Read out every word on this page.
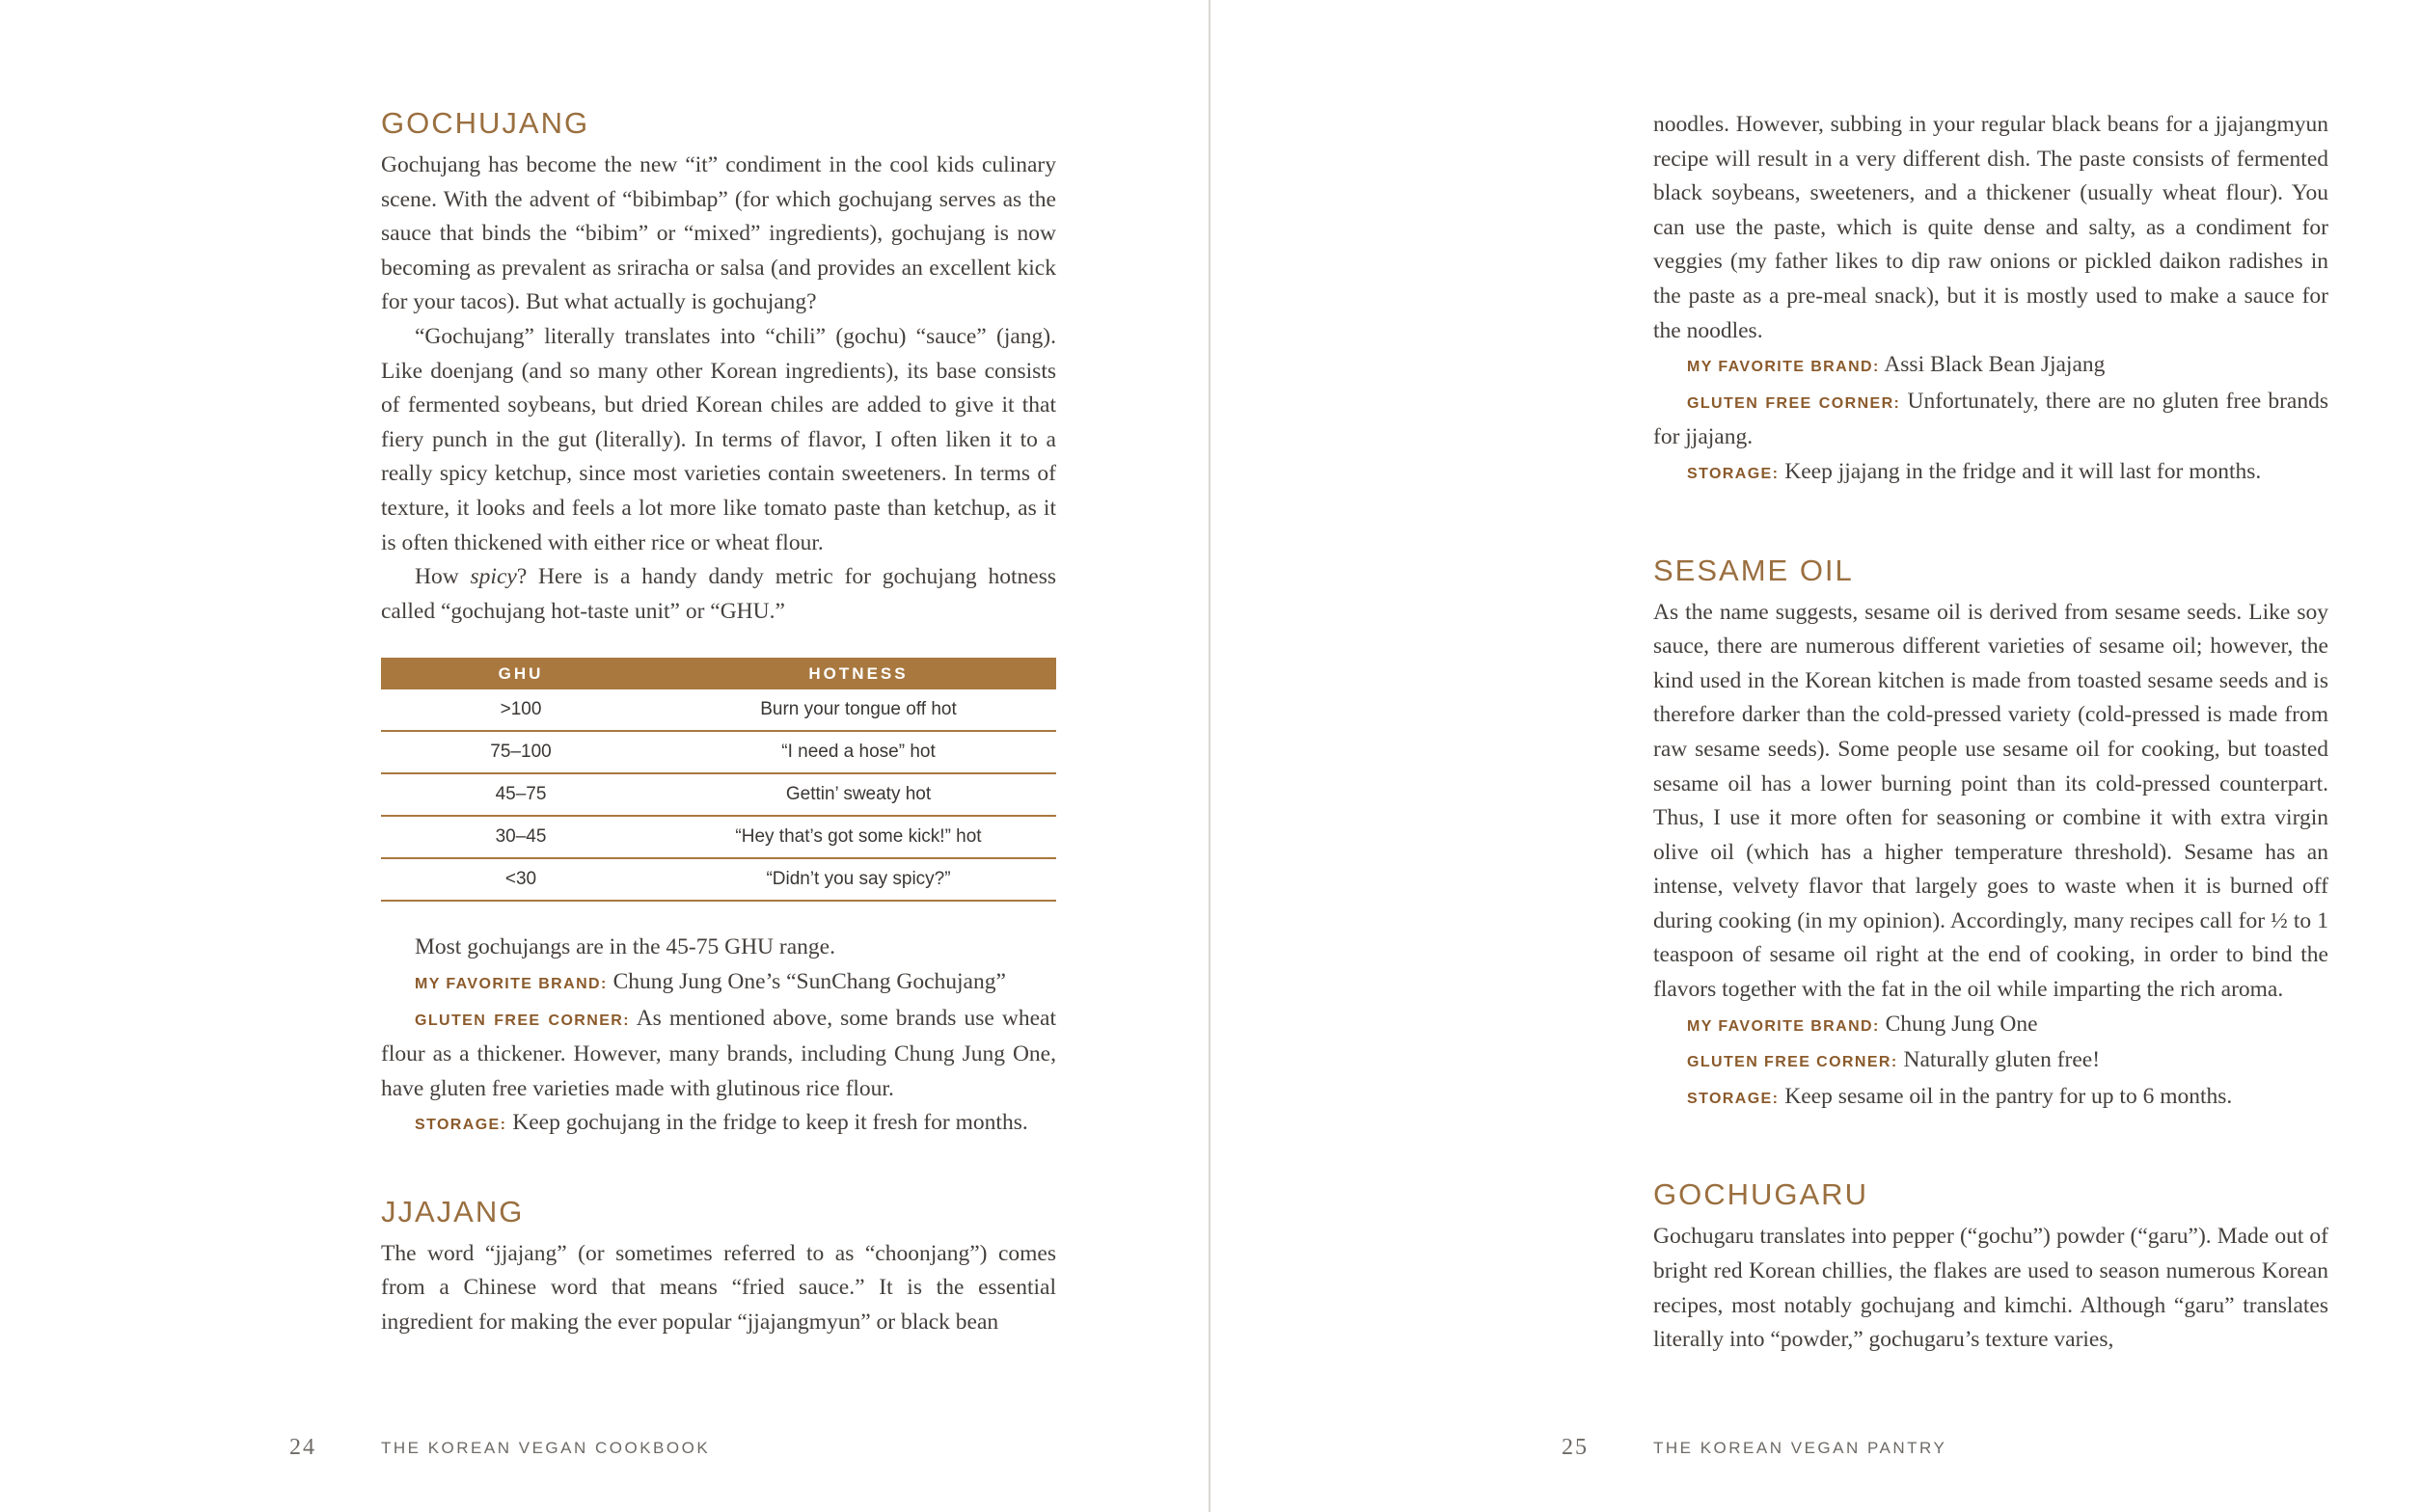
GOCHUJANG

Gochujang has become the new “it” condiment in the cool kids culinary scene. With the advent of “bibimbap” (for which gochujang serves as the sauce that binds the “bibim” or “mixed” ingredients), gochujang is now becoming as prevalent as sriracha or salsa (and provides an excellent kick for your tacos). But what actually is gochujang?

“Gochujang” literally translates into “chili” (gochu) “sauce” (jang). Like doenjang (and so many other Korean ingredients), its base consists of fermented soybeans, but dried Korean chiles are added to give it that fiery punch in the gut (literally). In terms of flavor, I often liken it to a really spicy ketchup, since most varieties contain sweeteners. In terms of texture, it looks and feels a lot more like tomato paste than ketchup, as it is often thickened with either rice or wheat flour.

How spicy? Here is a handy dandy metric for gochujang hotness called “gochujang hot-taste unit” or “GHU.”

GHU	HOTNESS
>100	Burn your tongue off hot
75–100	“I need a hose” hot
45–75	Gettin’ sweaty hot
30–45	“Hey that’s got some kick!” hot
<30	“Didn’t you say spicy?”

Most gochujangs are in the 45-75 GHU range.

MY FAVORITE BRAND: Chung Jung One’s “SunChang Gochujang”

GLUTEN FREE CORNER: As mentioned above, some brands use wheat flour as a thickener. However, many brands, including Chung Jung One, have gluten free varieties made with glutinous rice flour.

STORAGE: Keep gochujang in the fridge to keep it fresh for months.

JJAJANG

The word “jjajang” (or sometimes referred to as “choonjang”) comes from a Chinese word that means “fried sauce.” It is the essential ingredient for making the ever popular “jjajangmyun” or black bean

24	THE KOREAN VEGAN COOKBOOK

noodles. However, subbing in your regular black beans for a jjajangmyun recipe will result in a very different dish. The paste consists of fermented black soybeans, sweeteners, and a thickener (usually wheat flour). You can use the paste, which is quite dense and salty, as a condiment for veggies (my father likes to dip raw onions or pickled daikon radishes in the paste as a pre-meal snack), but it is mostly used to make a sauce for the noodles.

MY FAVORITE BRAND: Assi Black Bean Jjajang

GLUTEN FREE CORNER: Unfortunately, there are no gluten free brands for jjajang.

STORAGE: Keep jjajang in the fridge and it will last for months.

SESAME OIL

As the name suggests, sesame oil is derived from sesame seeds. Like soy sauce, there are numerous different varieties of sesame oil; however, the kind used in the Korean kitchen is made from toasted sesame seeds and is therefore darker than the cold-pressed variety (cold-pressed is made from raw sesame seeds). Some people use sesame oil for cooking, but toasted sesame oil has a lower burning point than its cold-pressed counterpart. Thus, I use it more often for seasoning or combine it with extra virgin olive oil (which has a higher temperature threshold). Sesame has an intense, velvety flavor that largely goes to waste when it is burned off during cooking (in my opinion). Accordingly, many recipes call for ½ to 1 teaspoon of sesame oil right at the end of cooking, in order to bind the flavors together with the fat in the oil while imparting the rich aroma.

MY FAVORITE BRAND: Chung Jung One

GLUTEN FREE CORNER: Naturally gluten free!

STORAGE: Keep sesame oil in the pantry for up to 6 months.

GOCHUGARU

Gochugaru translates into pepper (“gochu”) powder (“garu”). Made out of bright red Korean chillies, the flakes are used to season numerous Korean recipes, most notably gochujang and kimchi. Although “garu” translates literally into “powder,” gochugaru’s texture varies,

25	THE KOREAN VEGAN PANTRY
